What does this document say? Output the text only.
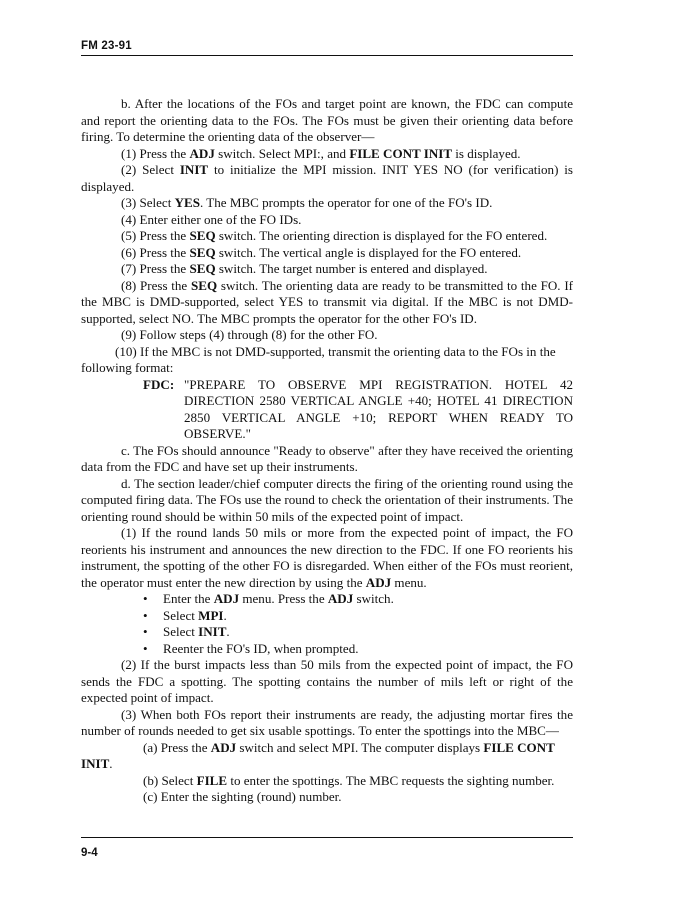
FM 23-91

b. After the locations of the FOs and target point are known, the FDC can compute and report the orienting data to the FOs. The FOs must be given their orienting data before firing. To determine the orienting data of the observer—

(1) Press the ADJ switch. Select MPI:, and FILE CONT INIT is displayed.

(2) Select INIT to initialize the MPI mission. INIT YES NO (for verification) is displayed.

(3) Select YES. The MBC prompts the operator for one of the FO's ID.

(4) Enter either one of the FO IDs.

(5) Press the SEQ switch. The orienting direction is displayed for the FO entered.

(6) Press the SEQ switch. The vertical angle is displayed for the FO entered.

(7) Press the SEQ switch. The target number is entered and displayed.

(8) Press the SEQ switch. The orienting data are ready to be transmitted to the FO. If the MBC is DMD-supported, select YES to transmit via digital. If the MBC is not DMD-supported, select NO. The MBC prompts the operator for the other FO's ID.

(9) Follow steps (4) through (8) for the other FO.

(10) If the MBC is not DMD-supported, transmit the orienting data to the FOs in the following format:

FDC: "PREPARE TO OBSERVE MPI REGISTRATION. HOTEL 42 DIRECTION 2580 VERTICAL ANGLE +40; HOTEL 41 DIRECTION 2850 VERTICAL ANGLE +10; REPORT WHEN READY TO OBSERVE."

c. The FOs should announce "Ready to observe" after they have received the orienting data from the FDC and have set up their instruments.

d. The section leader/chief computer directs the firing of the orienting round using the computed firing data. The FOs use the round to check the orientation of their instruments. The orienting round should be within 50 mils of the expected point of impact.

(1) If the round lands 50 mils or more from the expected point of impact, the FO reorients his instrument and announces the new direction to the FDC. If one FO reorients his instrument, the spotting of the other FO is disregarded. When either of the FOs must reorient, the operator must enter the new direction by using the ADJ menu.

• Enter the ADJ menu. Press the ADJ switch.
• Select MPI.
• Select INIT.
• Reenter the FO's ID, when prompted.

(2) If the burst impacts less than 50 mils from the expected point of impact, the FO sends the FDC a spotting. The spotting contains the number of mils left or right of the expected point of impact.

(3) When both FOs report their instruments are ready, the adjusting mortar fires the number of rounds needed to get six usable spottings. To enter the spottings into the MBC—

(a) Press the ADJ switch and select MPI. The computer displays FILE CONT INIT.

(b) Select FILE to enter the spottings. The MBC requests the sighting number.

(c) Enter the sighting (round) number.

9-4
